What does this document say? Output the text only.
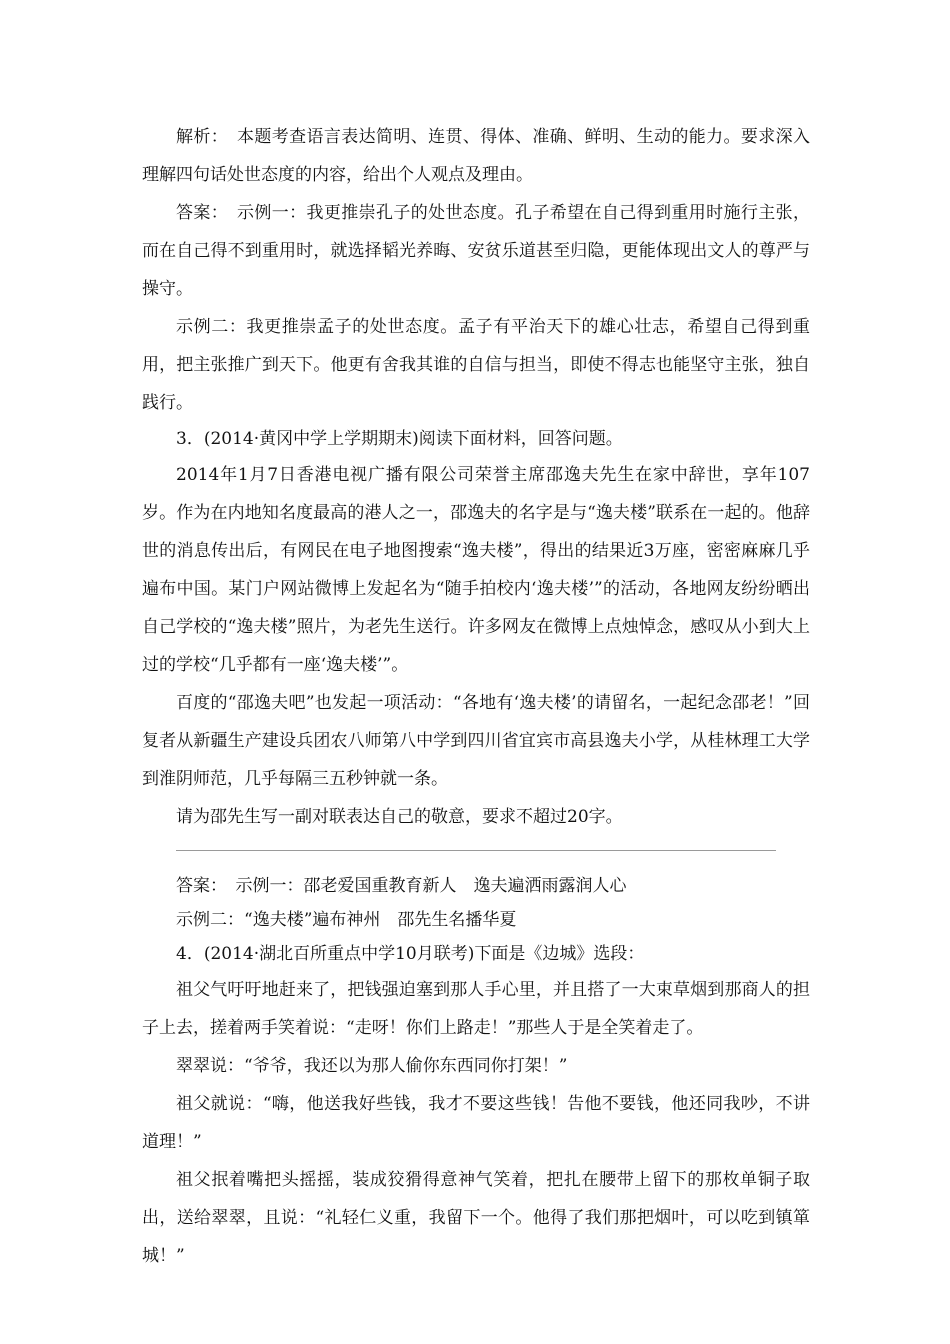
解析：　本题考查语言表达简明、连贯、得体、准确、鲜明、生动的能力。要求深入理解四句话处世态度的内容，给出个人观点及理由。

答案：　示例一：我更推崇孔子的处世态度。孔子希望在自己得到重用时施行主张，而在自己得不到重用时，就选择韬光养晦、安贫乐道甚至归隐，更能体现出文人的尊严与操守。

示例二：我更推崇孟子的处世态度。孟子有平治天下的雄心壮志，希望自己得到重用，把主张推广到天下。他更有舍我其谁的自信与担当，即使不得志也能坚守主张，独自践行。

3．(2014·黄冈中学上学期期末)阅读下面材料，回答问题。

2014年1月7日香港电视广播有限公司荣誉主席邵逸夫先生在家中辞世，享年107岁。作为在内地知名度最高的港人之一，邵逸夫的名字是与“逸夫楼”联系在一起的。他辞世的消息传出后，有网民在电子地图搜索“逸夫楼”，得出的结果近3万座，密密麻麻几乎遍布中国。某门户网站微博上发起名为“随手拍校内‘逸夫楼’”的活动，各地网友纷纷晒出自己学校的“逸夫楼”照片，为老先生送行。许多网友在微博上点烛悼念，感叹从小到大上过的学校“几乎都有一座‘逸夫楼’”。

百度的“邵逸夫吧”也发起一项活动：“各地有‘逸夫楼’的请留名，一起纪念邵老！”回复者从新疆生产建设兵团农八师第八中学到四川省宜宾市高县逸夫小学，从桂林理工大学到淮阴师范，几乎每隔三五秒钟就一条。

请为邵先生写一副对联表达自己的敬意，要求不超过20字。

答案：　示例一：邵老爱国重教育新人　逸夫遍洒雨露润人心

示例二：“逸夫楼”遍布神州　邵先生名播华夏

4．(2014·湖北百所重点中学10月联考)下面是《边城》选段：

祖父气吁吁地赶来了，把钱强迫塞到那人手心里，并且搭了一大束草烟到那商人的担子上去，搓着两手笑着说：“走呀！你们上路走！”那些人于是全笑着走了。

翠翠说：“爷爷，我还以为那人偷你东西同你打架！”

祖父就说：“嗨，他送我好些钱，我才不要这些钱！告他不要钱，他还同我吵，不讲道理！”

祖父抿着嘴把头摇摇，装成狡猾得意神气笑着，把扎在腰带上留下的那枚单铜子取出，送给翠翠，且说：“礼轻仁义重，我留下一个。他得了我们那把烟叶，可以吃到镇箪城！”
